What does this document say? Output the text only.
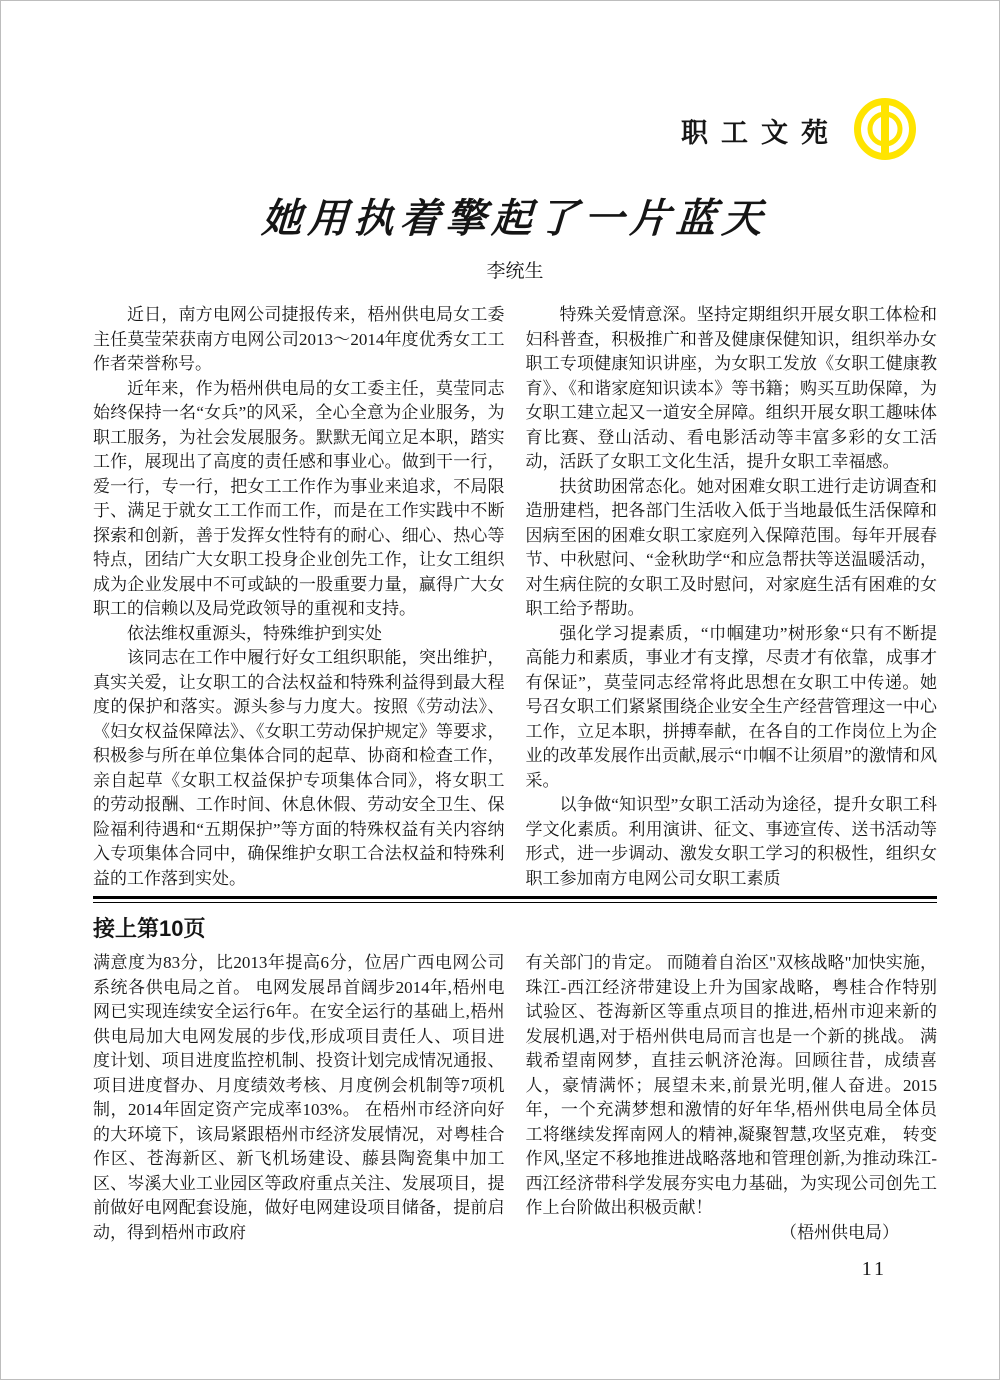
职工文苑
她用执着擎起了一片蓝天
李统生

近日，南方电网公司捷报传来，梧州供电局女工委主任莫莹荣获南方电网公司2013～2014年度优秀女工工作者荣誉称号。

近年来，作为梧州供电局的女工委主任，莫莹同志始终保持一名“女兵”的风采，全心全意为企业服务，为职工服务，为社会发展服务。默默无闻立足本职，踏实工作，展现出了高度的责任感和事业心。做到干一行，爱一行，专一行，把女工工作作为事业来追求，不局限于、满足于就女工工作而工作，而是在工作实践中不断探索和创新，善于发挥女性特有的耐心、细心、热心等特点，团结广大女职工投身企业创先工作，让女工组织成为企业发展中不可或缺的一股重要力量，赢得广大女职工的信赖以及局党政领导的重视和支持。

依法维权重源头，特殊维护到实处

该同志在工作中履行好女工组织职能，突出维护，真实关爱，让女职工的合法权益和特殊利益得到最大程度的保护和落实。源头参与力度大。按照《劳动法》、《妇女权益保障法》、《女职工劳动保护规定》等要求，积极参与所在单位集体合同的起草、协商和检查工作，亲自起草《女职工权益保护专项集体合同》，将女职工的劳动报酬、工作时间、休息休假、劳动安全卫生、保险福利待遇和“五期保护”等方面的特殊权益有关内容纳入专项集体合同中，确保维护女职工合法权益和特殊利益的工作落到实处。

特殊关爱情意深。坚持定期组织开展女职工体检和妇科普查，积极推广和普及健康保健知识，组织举办女职工专项健康知识讲座，为女职工发放《女职工健康教育》、《和谐家庭知识读本》等书籍；购买互助保障，为女职工建立起又一道安全屏障。组织开展女职工趣味体育比赛、登山活动、看电影活动等丰富多彩的女工活动，活跃了女职工文化生活，提升女职工幸福感。

扶贫助困常态化。她对困难女职工进行走访调查和造册建档，把各部门生活收入低于当地最低生活保障和因病至困的困难女职工家庭列入保障范围。每年开展春节、中秋慰问、“金秋助学“和应急帮扶等送温暖活动，对生病住院的女职工及时慰问，对家庭生活有困难的女职工给予帮助。

强化学习提素质，“巾帼建功”树形象“只有不断提高能力和素质，事业才有支撑，尽责才有依靠，成事才有保证”，莫莹同志经常将此思想在女职工中传递。她号召女职工们紧紧围绕企业安全生产经营管理这一中心工作，立足本职，拼搏奉献，在各自的工作岗位上为企业的改革发展作出贡献,展示“巾帼不让须眉”的激情和风采。

以争做“知识型”女职工活动为途径，提升女职工科学文化素质。利用演讲、征文、事迹宣传、送书活动等形式，进一步调动、激发女职工学习的积极性，组织女职工参加南方电网公司女职工素质

接上第10页

满意度为83分，比2013年提高6分，位居广西电网公司系统各供电局之首。 电网发展昂首阔步2014年,梧州电网已实现连续安全运行6年。在安全运行的基础上,梧州供电局加大电网发展的步伐,形成项目责任人、项目进度计划、项目进度监控机制、投资计划完成情况通报、项目进度督办、月度绩效考核、月度例会机制等7项机制，2014年固定资产完成率103%。 在梧州市经济向好的大环境下，该局紧跟梧州市经济发展情况，对粤桂合作区、苍海新区、新飞机场建设、藤县陶瓷集中加工区、岑溪大业工业园区等政府重点关注、发展项目，提前做好电网配套设施，做好电网建设项目储备，提前启动，得到梧州市政府

有关部门的肯定。 而随着自治区"双核战略"加快实施，珠江-西江经济带建设上升为国家战略，粤桂合作特别试验区、苍海新区等重点项目的推进,梧州市迎来新的发展机遇,对于梧州供电局而言也是一个新的挑战。 满载希望南网梦，直挂云帆济沧海。回顾往昔，成绩喜人，豪情满怀；展望未来,前景光明,催人奋进。2015年，一个充满梦想和激情的好年华,梧州供电局全体员工将继续发挥南网人的精神,凝聚智慧,攻坚克难， 转变作风,坚定不移地推进战略落地和管理创新,为推动珠江-西江经济带科学发展夯实电力基础，为实现公司创先工作上台阶做出积极贡献！

（梧州供电局）

11
